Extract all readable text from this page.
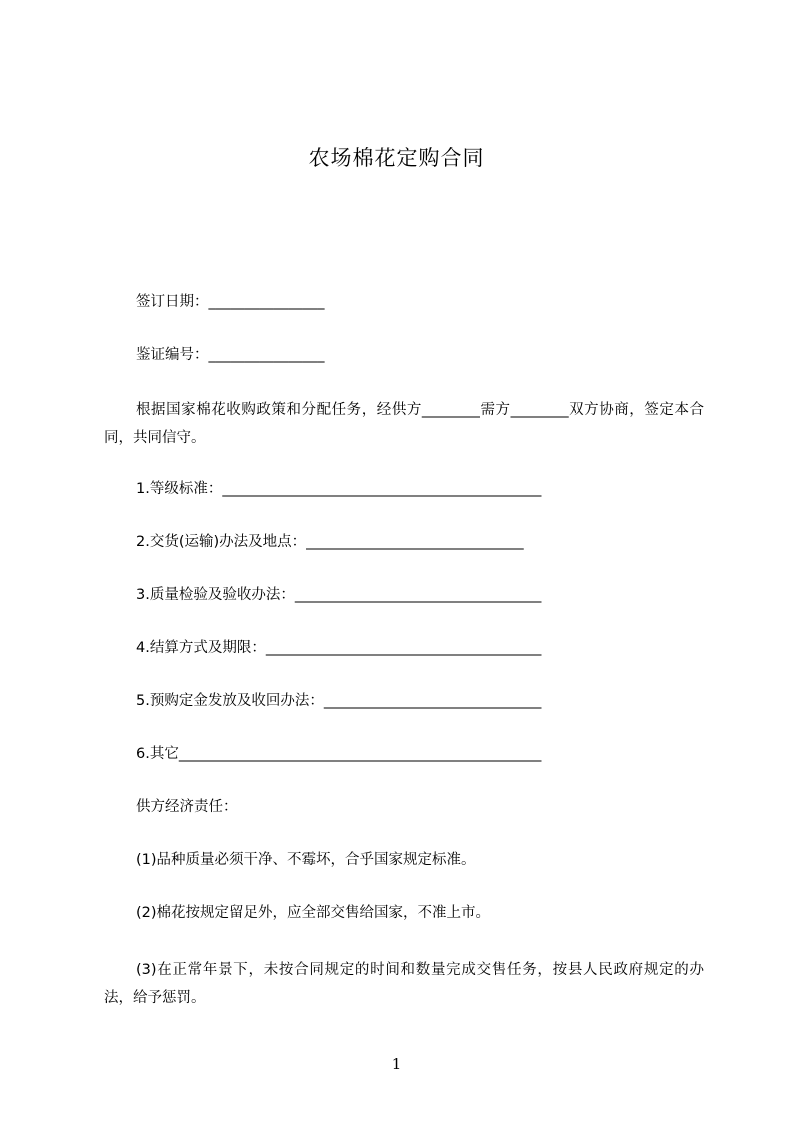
农场棉花定购合同
签订日期：________________
鉴证编号：________________
根据国家棉花收购政策和分配任务，经供方________需方________双方协商，签定本合同，共同信守。
1.等级标准：____________________________________________
2.交货(运输)办法及地点：______________________________
3.质量检验及验收办法：__________________________________
4.结算方式及期限：______________________________________
5.预购定金发放及收回办法：______________________________
6.其它__________________________________________________
供方经济责任：
(1)品种质量必须干净、不霉坏，合乎国家规定标准。
(2)棉花按规定留足外，应全部交售给国家，不准上市。
(3)在正常年景下，未按合同规定的时间和数量完成交售任务，按县人民政府规定的办法，给予惩罚。
1
